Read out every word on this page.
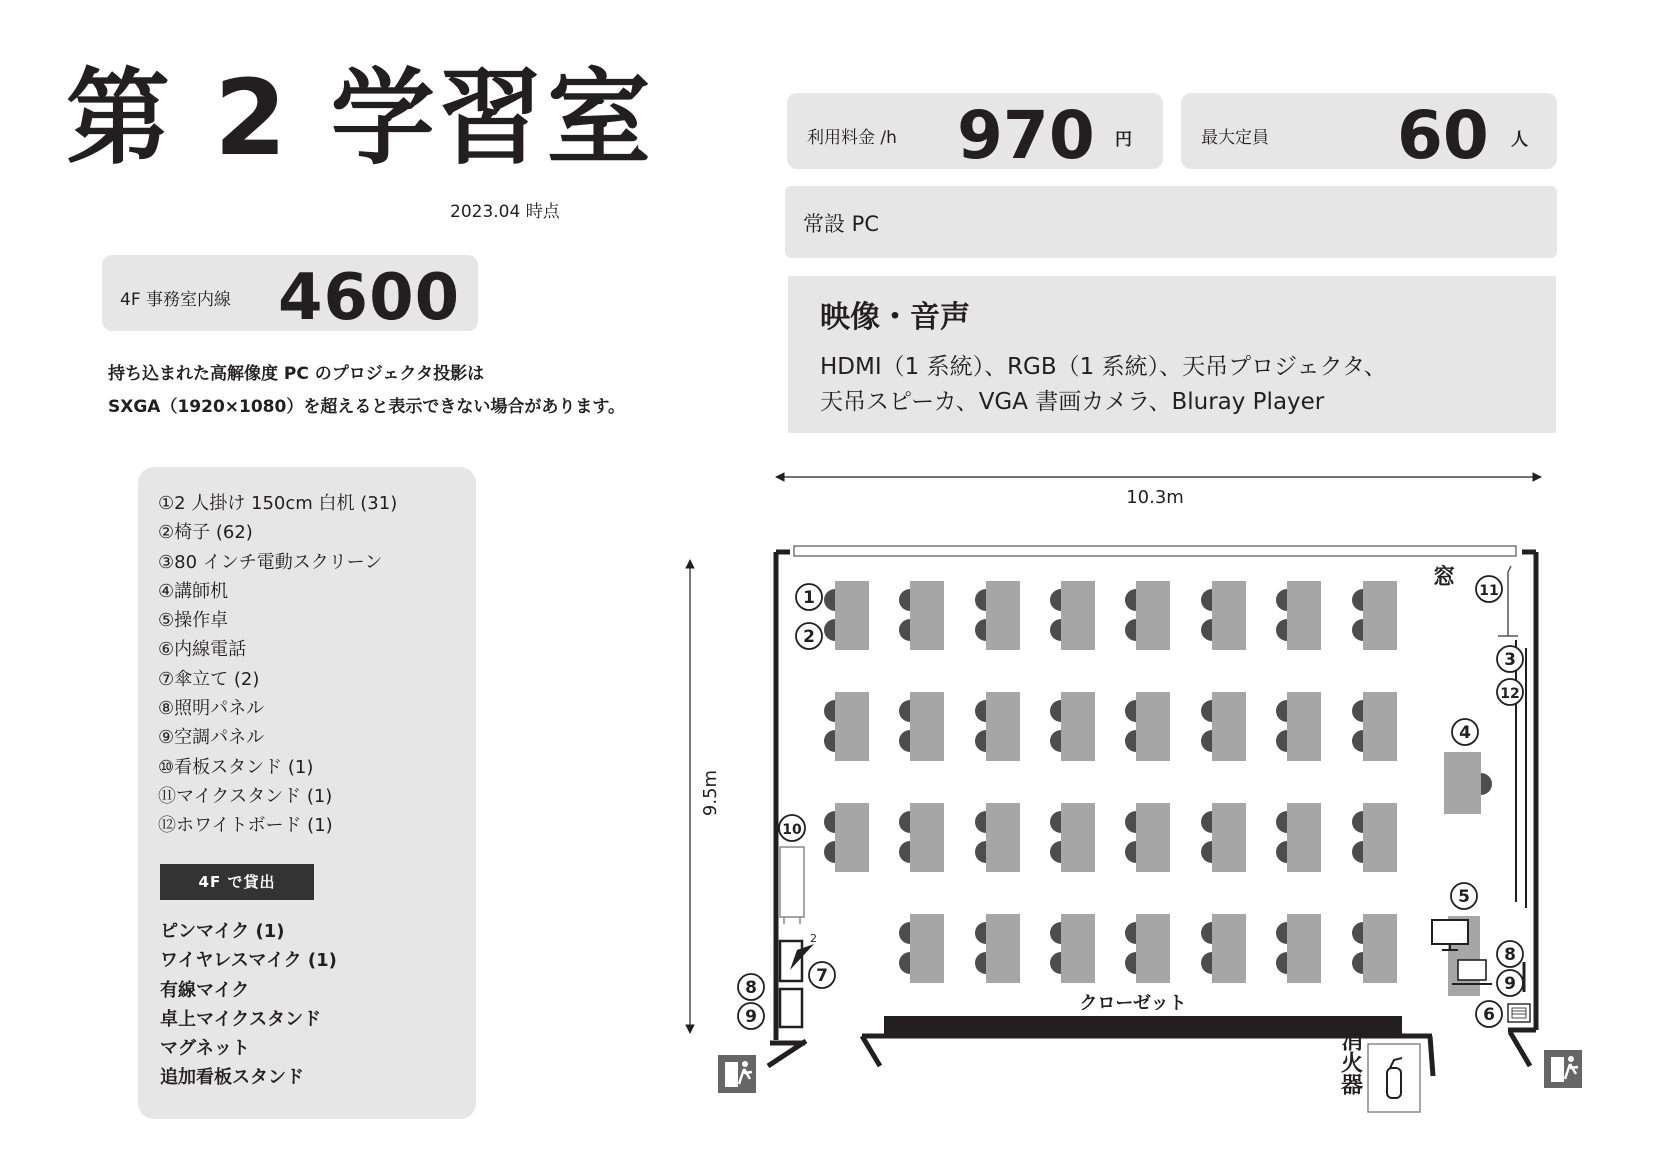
第 2 学習室
2023.04 時点
4F 事務室内線 4600
持ち込まれた高解像度 PC のプロジェクタ投影は
SXGA（1920×1080）を超えると表示できない場合があります。
利用料金 /h 970 円	最大定員 60 人
常設 PC
映像・音声
HDMI（1 系統）、RGB（1 系統）、天吊プロジェクタ、
天吊スピーカ、VGA 書画カメラ、Bluray Player
①2 人掛け 150cm 白机 (31)
②椅子 (62)
③80 インチ電動スクリーン
④講師机
⑤操作卓
⑥内線電話
⑦傘立て (2)
⑧照明パネル
⑨空調パネル
⑩看板スタンド (1)
⑪マイクスタンド (1)
⑫ホワイトボード (1)
4F で貸出
ピンマイク (1)
ワイヤレスマイク (1)
有線マイク
卓上マイクスタンド
マグネット
追加看板スタンド
10.3m
9.5m
窓
クローゼット
2
消火器
1
2
3
4
5
6
7
8
8
9
9
10
11
12
